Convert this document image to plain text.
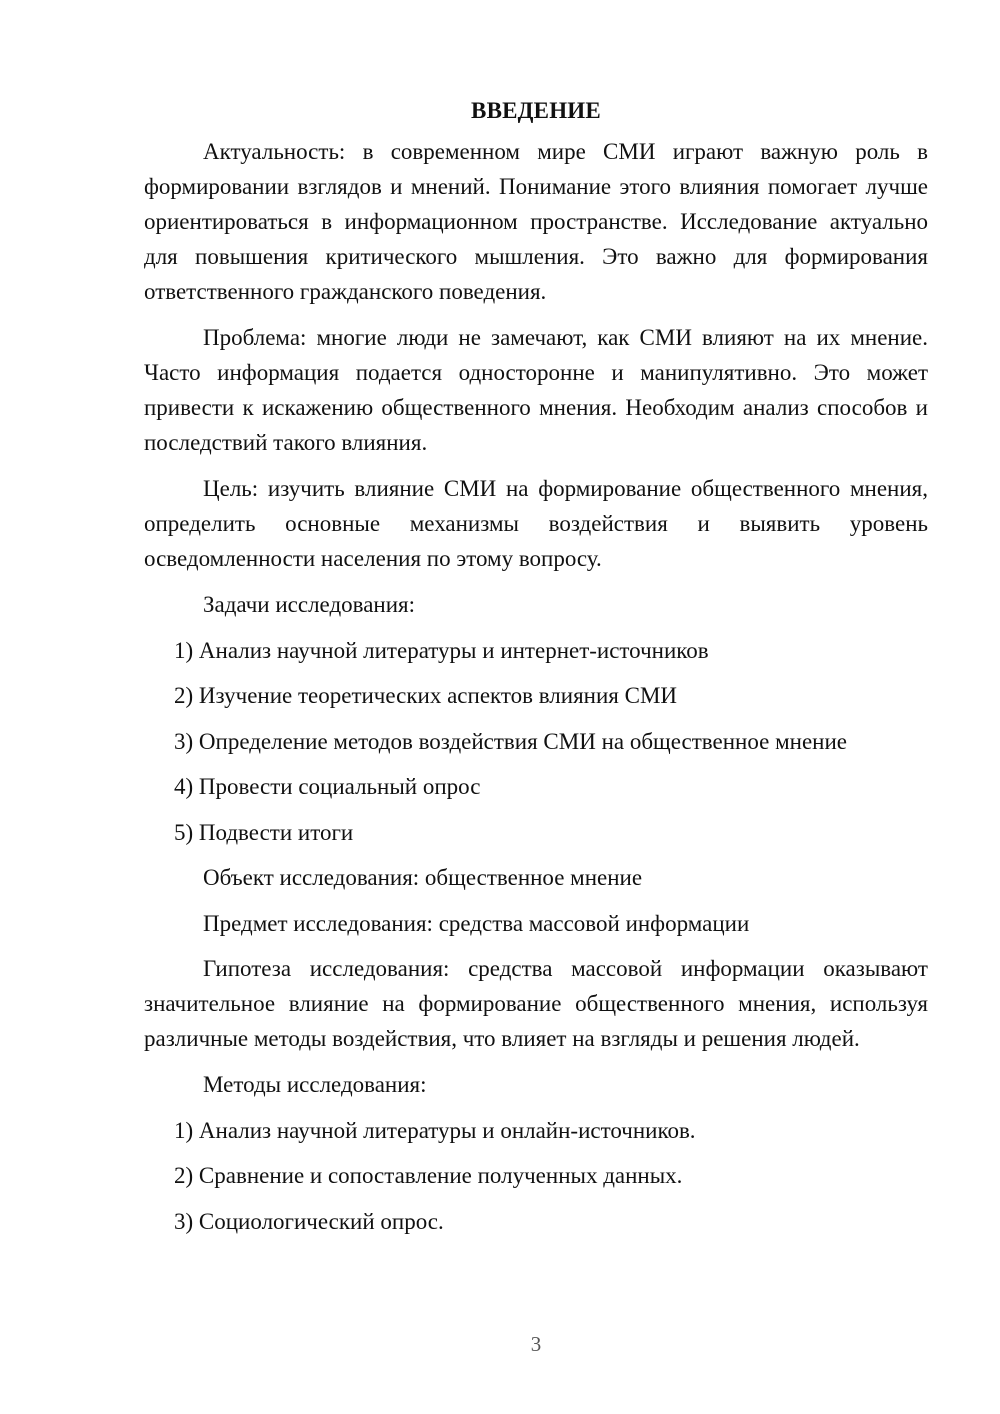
ВВЕДЕНИЕ

Актуальность: в современном мире СМИ играют важную роль в формировании взглядов и мнений. Понимание этого влияния помогает лучше ориентироваться в информационном пространстве. Исследование актуально для повышения критического мышления. Это важно для формирования ответственного гражданского поведения.

Проблема: многие люди не замечают, как СМИ влияют на их мнение. Часто информация подается односторонне и манипулятивно. Это может привести к искажению общественного мнения. Необходим анализ способов и последствий такого влияния.

Цель: изучить влияние СМИ на формирование общественного мнения, определить основные механизмы воздействия и выявить уровень осведомленности населения по этому вопросу.

Задачи исследования:
1) Анализ научной литературы и интернет-источников
2) Изучение теоретических аспектов влияния СМИ
3) Определение методов воздействия СМИ на общественное мнение
4) Провести социальный опрос
5) Подвести итоги
Объект исследования: общественное мнение
Предмет исследования: средства массовой информации

Гипотеза исследования: средства массовой информации оказывают значительное влияние на формирование общественного мнения, используя различные методы воздействия, что влияет на взгляды и решения людей.

Методы исследования:
1) Анализ научной литературы и онлайн-источников.
2) Сравнение и сопоставление полученных данных.
3) Социологический опрос.
3
